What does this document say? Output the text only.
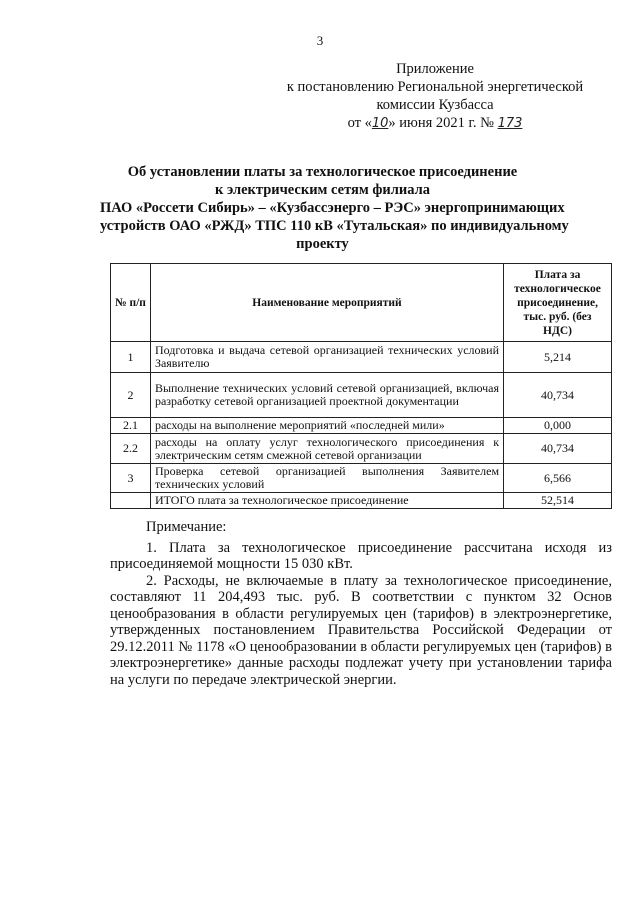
3
Приложение
к постановлению Региональной энергетической
комиссии Кузбасса
от «10» июня 2021 г. № 173
Об установлении платы за технологическое присоединение
к электрическим сетям филиала
ПАО «Россети Сибирь» – «Кузбассэнерго – РЭС» энергопринимающих
устройств ОАО «РЖД» ТПС 110 кВ «Тутальская» по индивидуальному
проекту
№ п/п	Наименование мероприятий	Плата за технологическое присоединение, тыс. руб. (без НДС)
1	Подготовка и выдача сетевой организацией технических условий Заявителю	5,214
2	Выполнение технических условий сетевой организацией, включая разработку сетевой организацией проектной документации	40,734
2.1	расходы на выполнение мероприятий «последней мили»	0,000
2.2	расходы на оплату услуг технологического присоединения к электрическим сетям смежной сетевой организации	40,734
3	Проверка сетевой организацией выполнения Заявителем технических условий	6,566
	ИТОГО плата за технологическое присоединение	52,514

Примечание:

1. Плата за технологическое присоединение рассчитана исходя из присоединяемой мощности 15 030 кВт.

2. Расходы, не включаемые в плату за технологическое присоединение, составляют 11 204,493 тыс. руб. В соответствии с пунктом 32 Основ ценообразования в области регулируемых цен (тарифов) в электроэнергетике, утвержденных постановлением Правительства Российской Федерации от 29.12.2011 № 1178 «О ценообразовании в области регулируемых цен (тарифов) в электроэнергетике» данные расходы подлежат учету при установлении тарифа на услуги по передаче электрической энергии.
